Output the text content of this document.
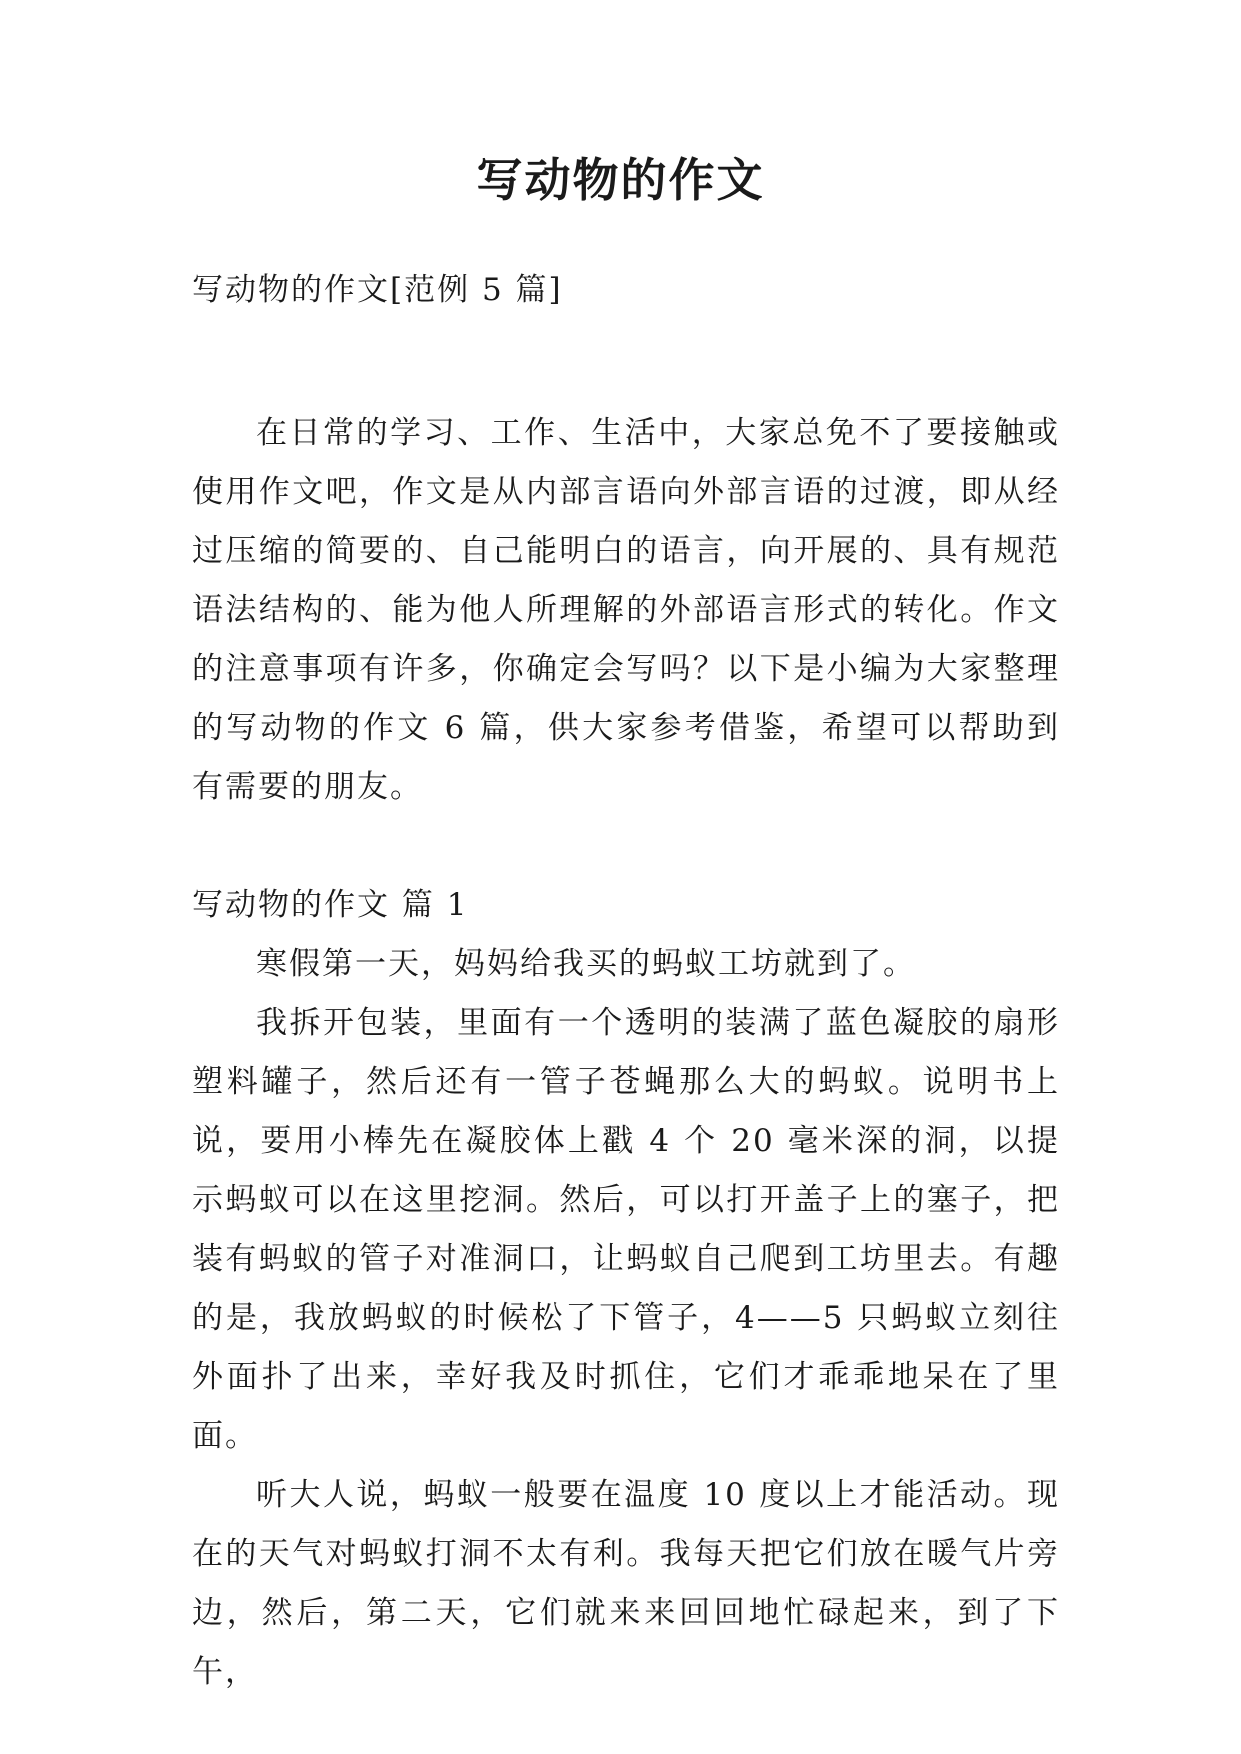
写动物的作文
写动物的作文[范例 5 篇]
在日常的学习、工作、生活中，大家总免不了要接触或使用作文吧，作文是从内部言语向外部言语的过渡，即从经过压缩的简要的、自己能明白的语言，向开展的、具有规范语法结构的、能为他人所理解的外部语言形式的转化。作文的注意事项有许多，你确定会写吗？以下是小编为大家整理的写动物的作文 6 篇，供大家参考借鉴，希望可以帮助到有需要的朋友。

写动物的作文 篇 1

寒假第一天，妈妈给我买的蚂蚁工坊就到了。

我拆开包装，里面有一个透明的装满了蓝色凝胶的扇形塑料罐子，然后还有一管子苍蝇那么大的蚂蚁。说明书上说，要用小棒先在凝胶体上戳 4 个 20 毫米深的洞，以提示蚂蚁可以在这里挖洞。然后，可以打开盖子上的塞子，把装有蚂蚁的管子对准洞口，让蚂蚁自己爬到工坊里去。有趣的是，我放蚂蚁的时候松了下管子，4——5 只蚂蚁立刻往外面扑了出来，幸好我及时抓住，它们才乖乖地呆在了里面。

听大人说，蚂蚁一般要在温度 10 度以上才能活动。现在的天气对蚂蚁打洞不太有利。我每天把它们放在暖气片旁边，然后，第二天，它们就来来回回地忙碌起来，到了下午，
